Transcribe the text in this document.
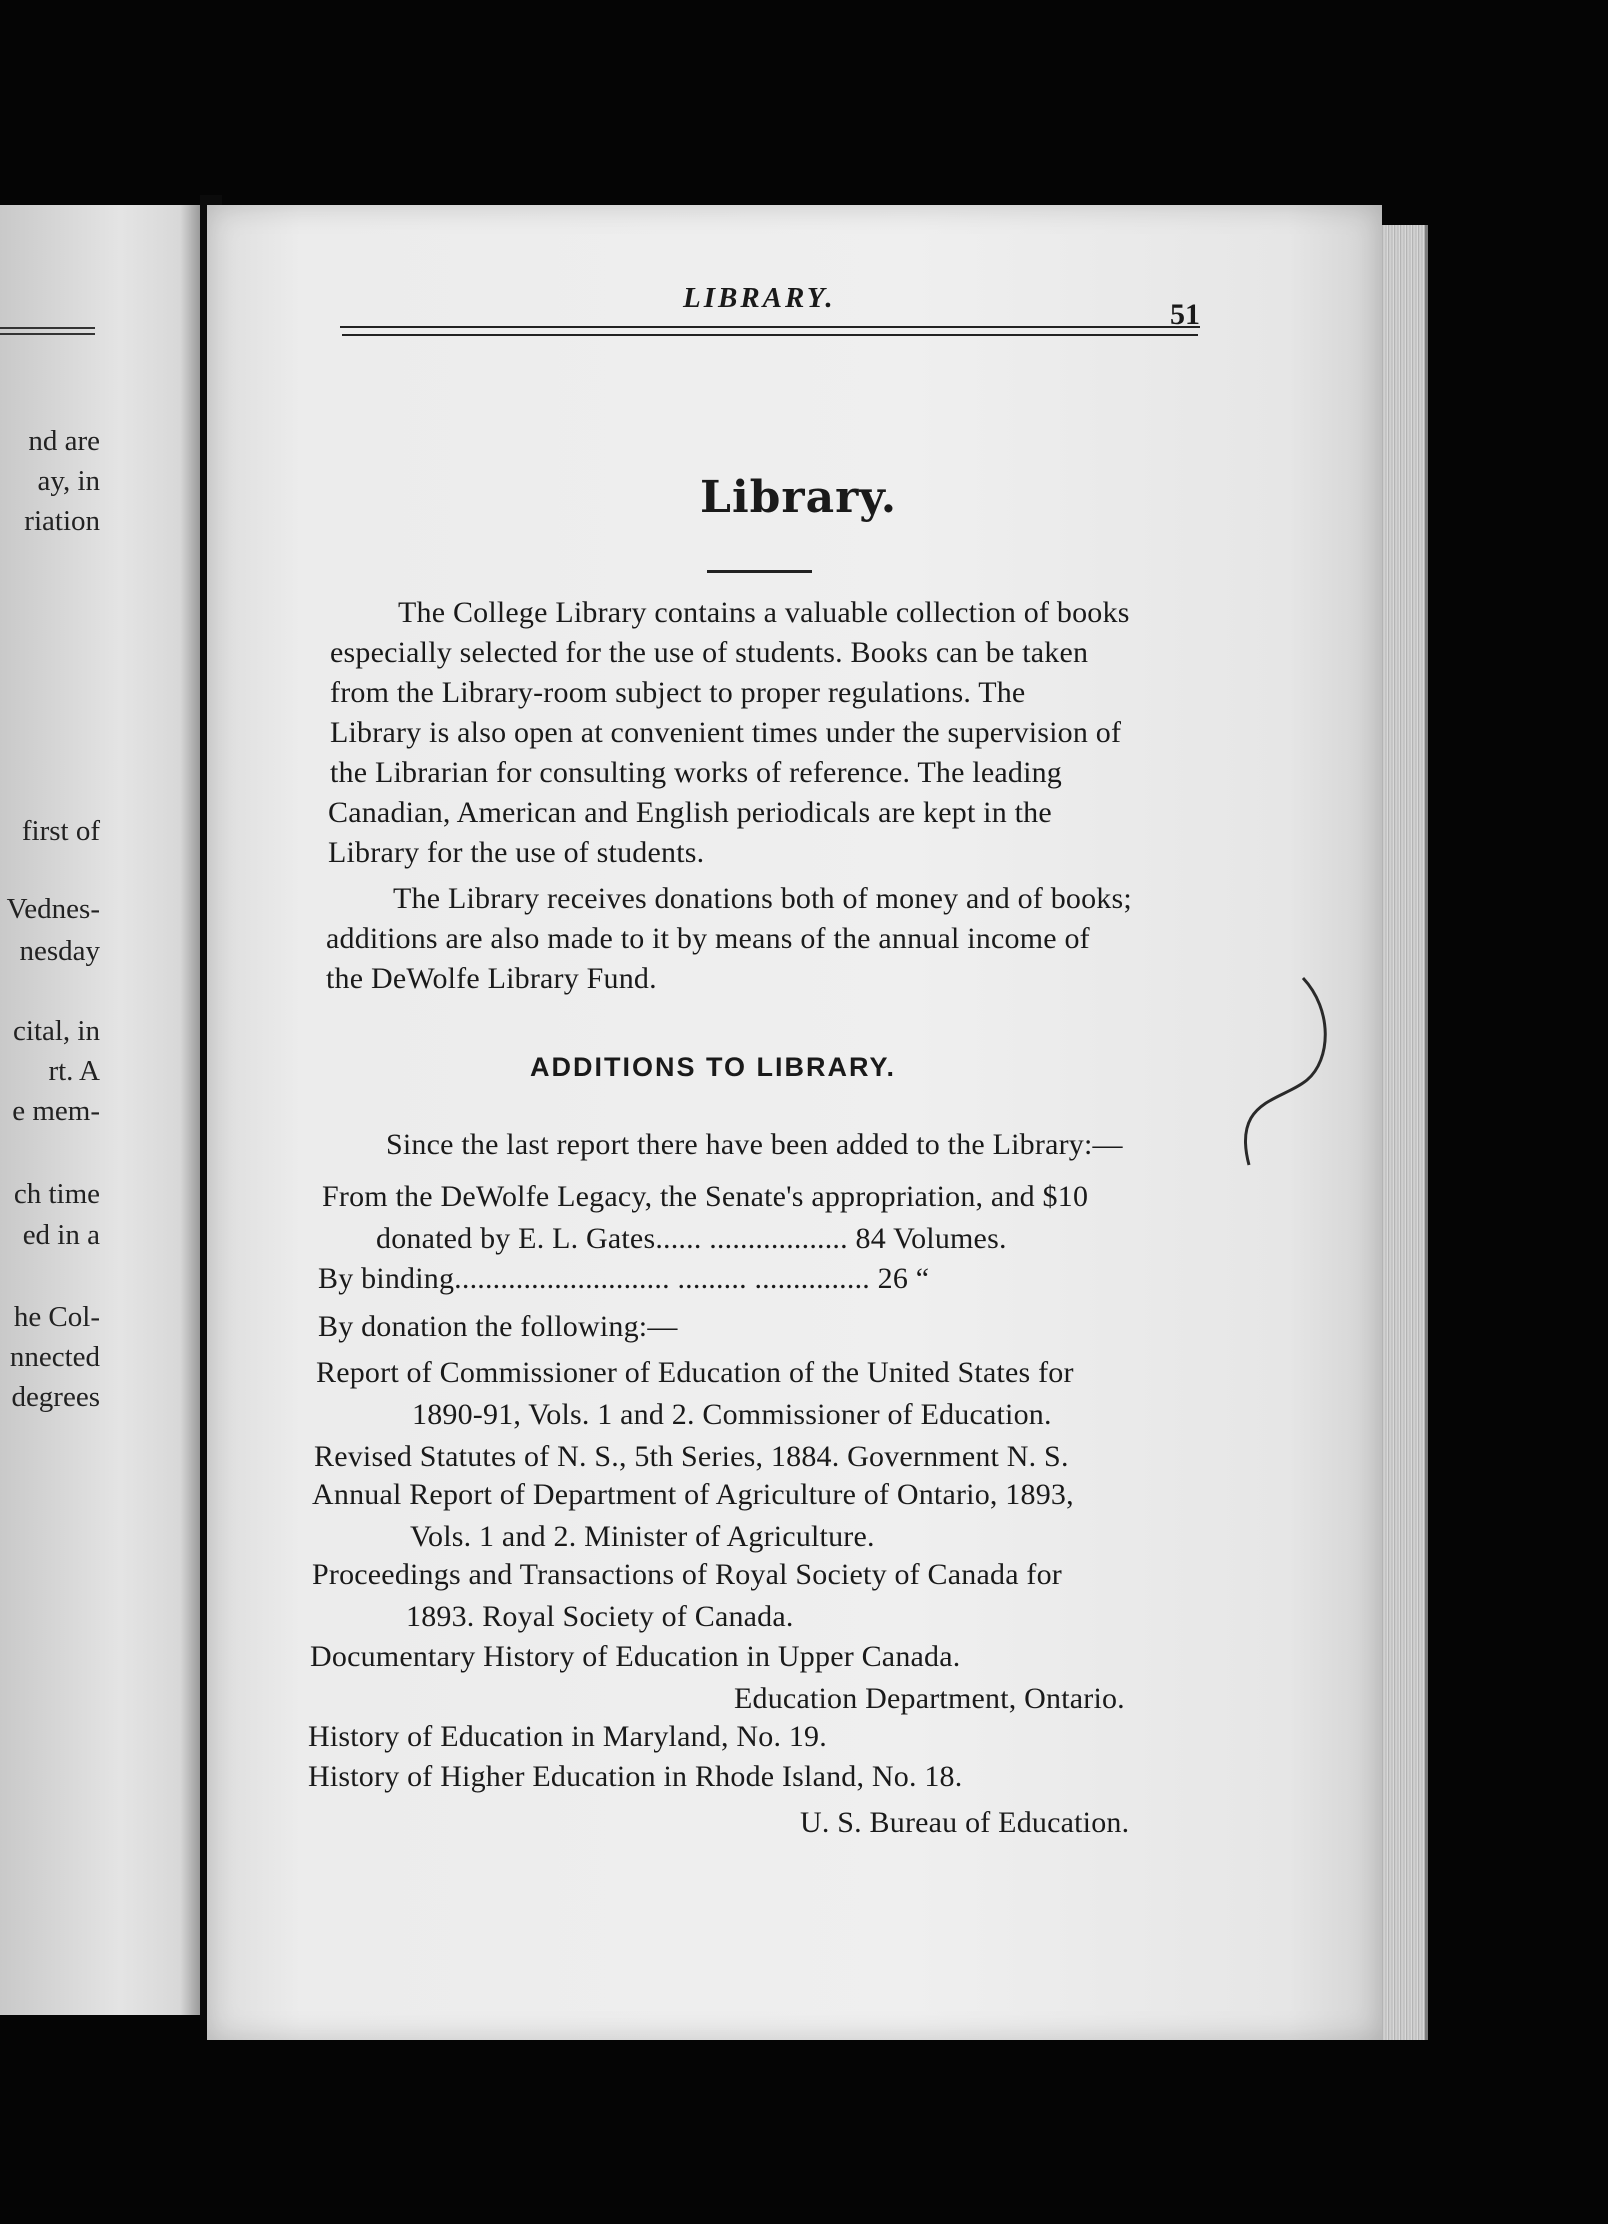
nd are
ay, in
riation
first of
Vednes-
nesday
cital, in
rt. A
e mem-
ch time
ed in a
he Col-
nnected
degrees
LIBRARY.	51
Library.
The College Library contains a valuable collection of books
especially selected for the use of students. Books can be taken
from the Library-room subject to proper regulations. The
Library is also open at convenient times under the supervision of
the Librarian for consulting works of reference. The leading
Canadian, American and English periodicals are kept in the
Library for the use of students.
The Library receives donations both of money and of books;
additions are also made to it by means of the annual income of
the DeWolfe Library Fund.
ADDITIONS TO LIBRARY.
Since the last report there have been added to the Library:—
From the DeWolfe Legacy, the Senate's appropriation, and $10
donated by E. L. Gates...... .................. 84 Volumes.
By binding............................ ......... ............... 26 “
By donation the following:—
Report of Commissioner of Education of the United States for
1890-91, Vols. 1 and 2. Commissioner of Education.
Revised Statutes of N. S., 5th Series, 1884. Government N. S.
Annual Report of Department of Agriculture of Ontario, 1893,
Vols. 1 and 2. Minister of Agriculture.
Proceedings and Transactions of Royal Society of Canada for
1893. Royal Society of Canada.
Documentary History of Education in Upper Canada.
Education Department, Ontario.
History of Education in Maryland, No. 19.
History of Higher Education in Rhode Island, No. 18.
U. S. Bureau of Education.
